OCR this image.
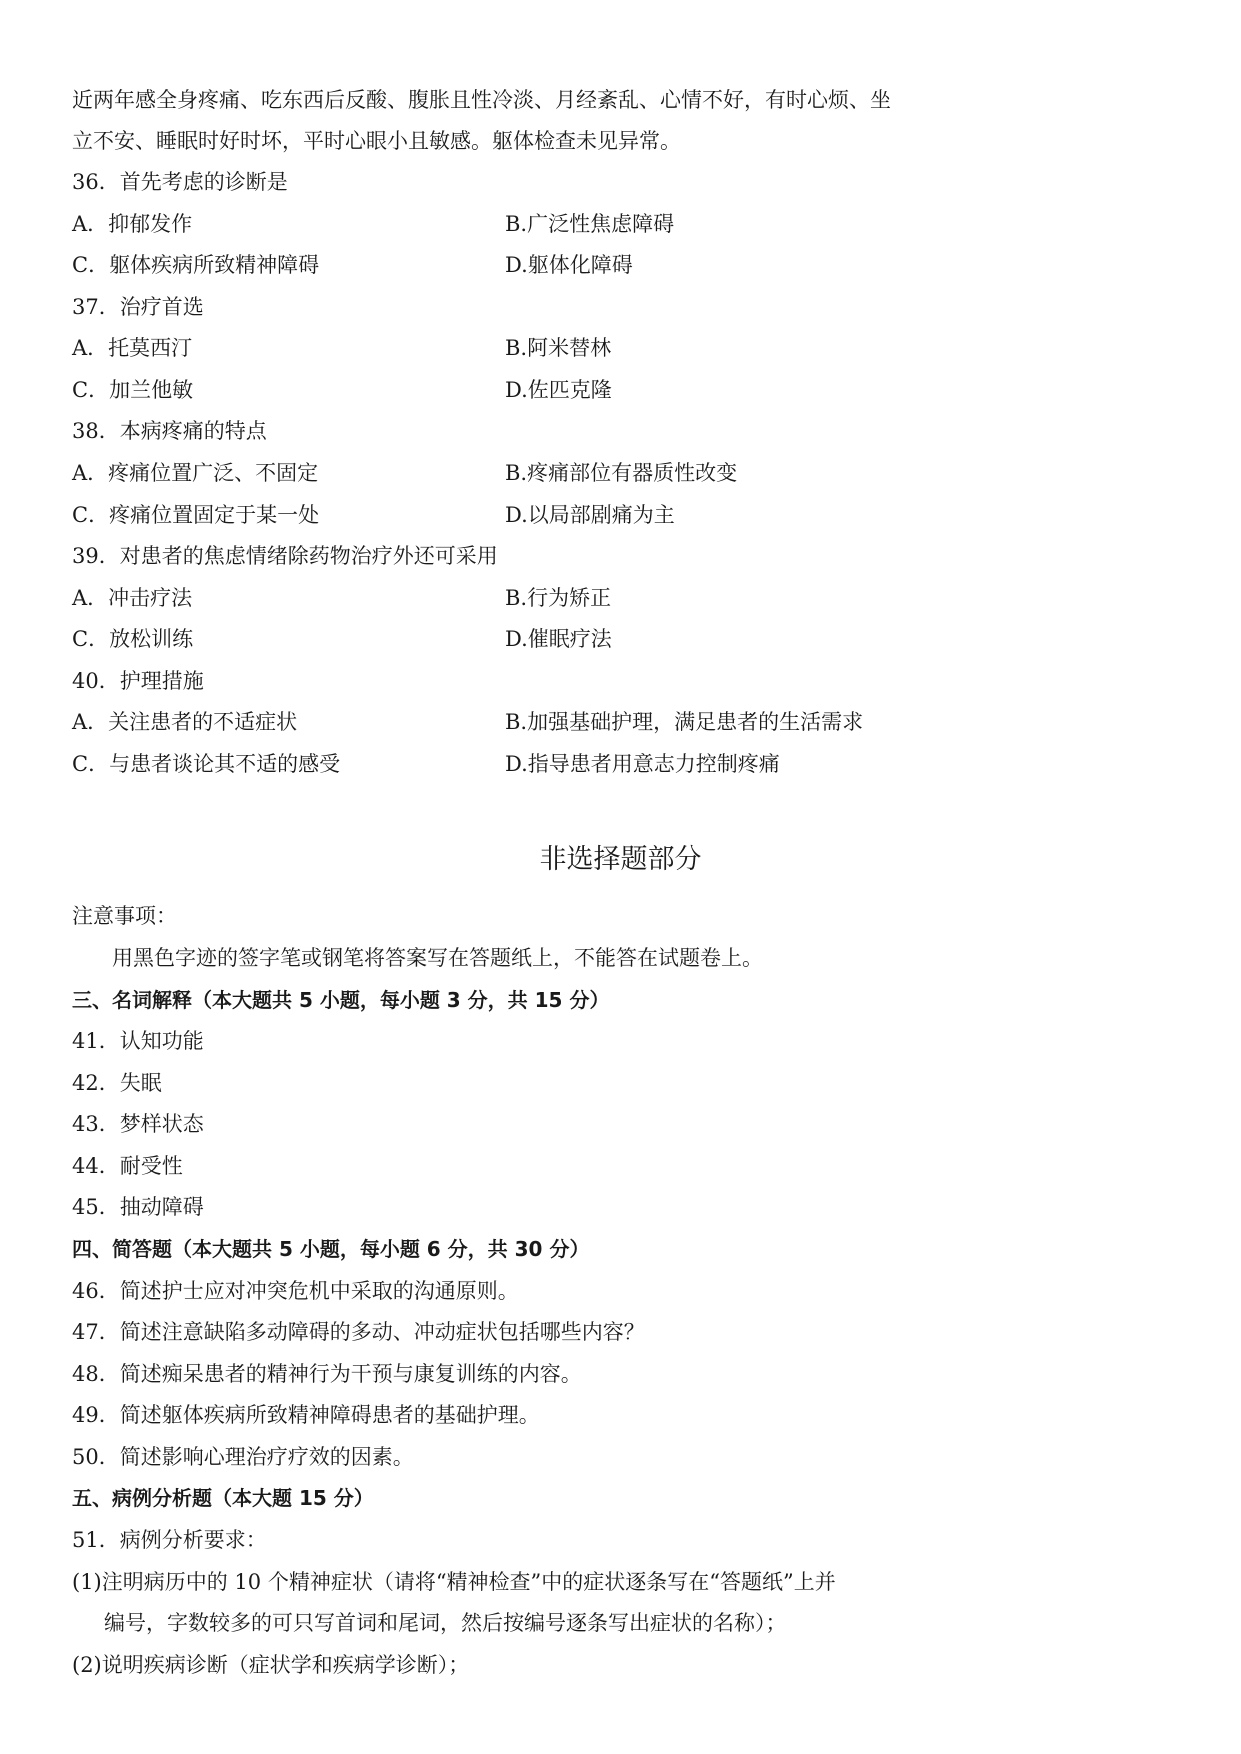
近两年感全身疼痛、吃东西后反酸、腹胀且性冷淡、月经紊乱、心情不好，有时心烦、坐
立不安、睡眠时好时坏，平时心眼小且敏感。躯体检查未见异常。
36．首先考虑的诊断是
A．抑郁发作	B.广泛性焦虑障碍
C．躯体疾病所致精神障碍	D.躯体化障碍
37．治疗首选
A．托莫西汀	B.阿米替林
C．加兰他敏	D.佐匹克隆
38．本病疼痛的特点
A．疼痛位置广泛、不固定	B.疼痛部位有器质性改变
C．疼痛位置固定于某一处	D.以局部剧痛为主
39．对患者的焦虑情绪除药物治疗外还可采用
A．冲击疗法	B.行为矫正
C．放松训练	D.催眠疗法
40．护理措施
A．关注患者的不适症状	B.加强基础护理，满足患者的生活需求
C．与患者谈论其不适的感受	D.指导患者用意志力控制疼痛
非选择题部分
注意事项：
用黑色字迹的签字笔或钢笔将答案写在答题纸上，不能答在试题卷上。
三、名词解释（本大题共 5 小题，每小题 3 分，共 15 分）
41．认知功能
42．失眠
43．梦样状态
44．耐受性
45．抽动障碍
四、简答题（本大题共 5 小题，每小题 6 分，共 30 分）
46．简述护士应对冲突危机中采取的沟通原则。
47．简述注意缺陷多动障碍的多动、冲动症状包括哪些内容？
48．简述痴呆患者的精神行为干预与康复训练的内容。
49．简述躯体疾病所致精神障碍患者的基础护理。
50．简述影响心理治疗疗效的因素。
五、病例分析题（本大题 15 分）
51．病例分析要求：
(1)注明病历中的 10 个精神症状（请将“精神检查”中的症状逐条写在“答题纸”上并
编号，字数较多的可只写首词和尾词，然后按编号逐条写出症状的名称）；
(2)说明疾病诊断（症状学和疾病学诊断）；
